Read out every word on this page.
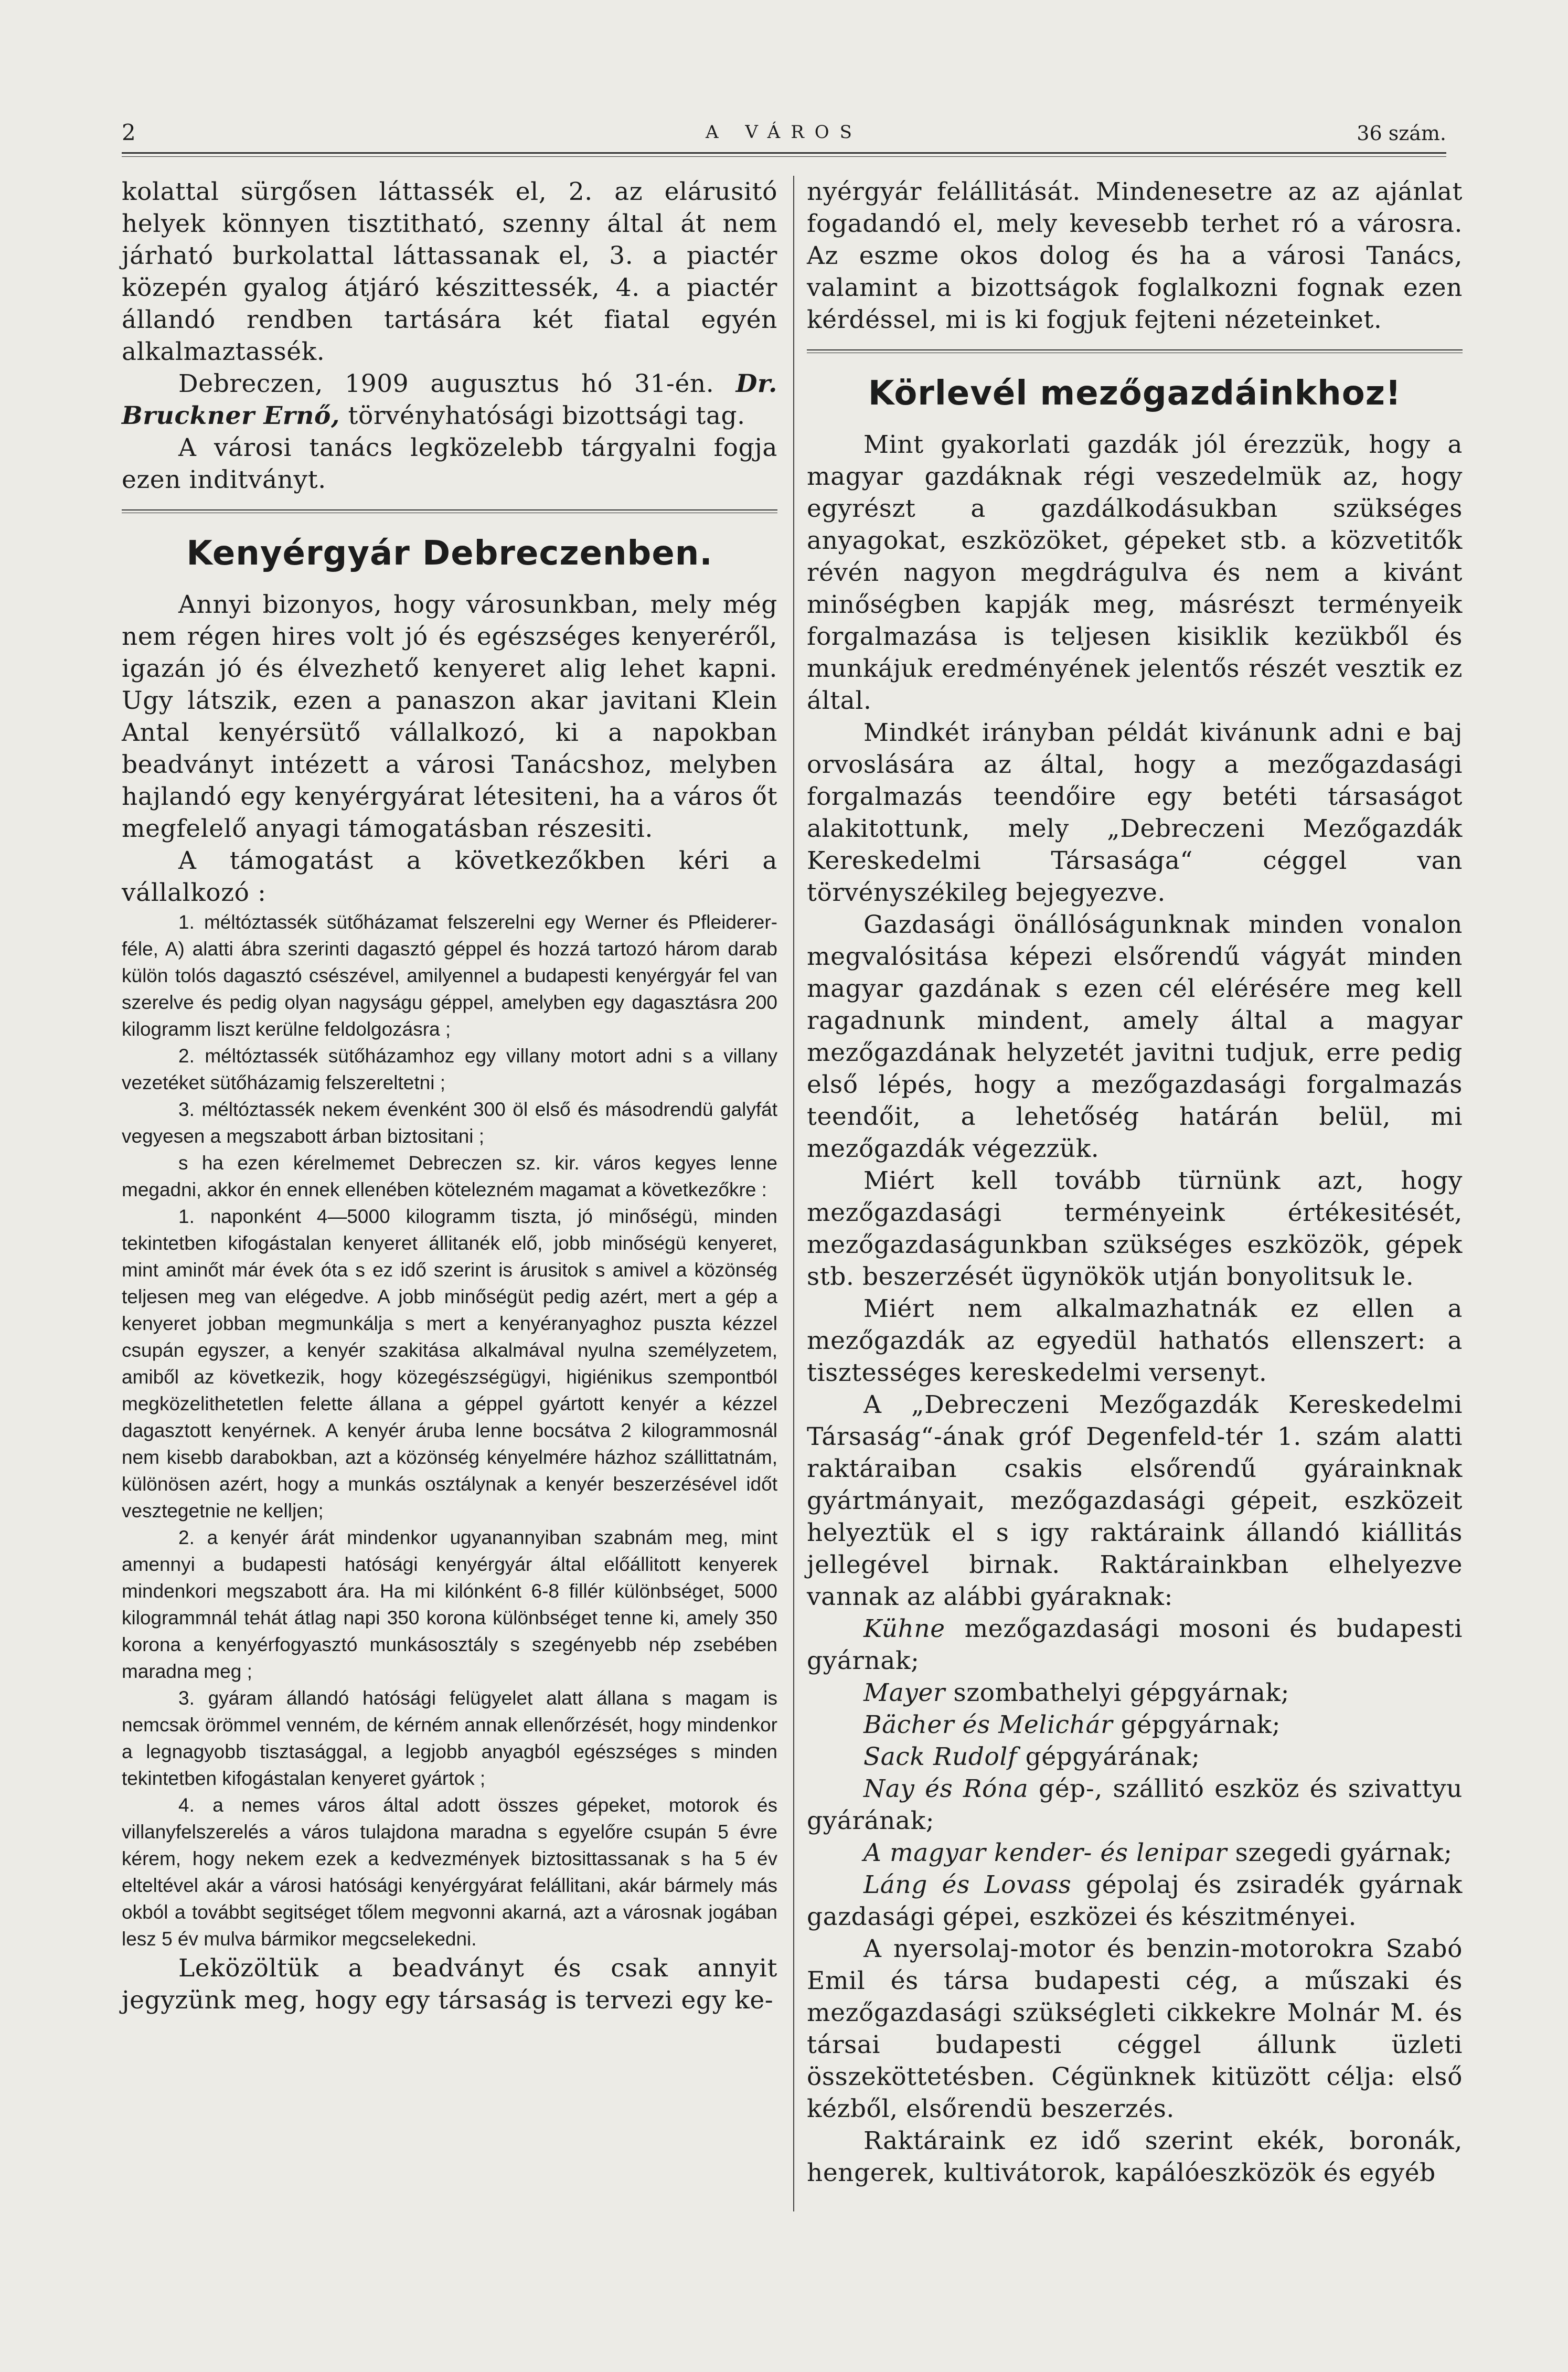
2	A VÁROS	36 szám.

kolattal sürgősen láttassék el, 2. az elárusitó helyek könnyen tisztitható, szenny által át nem járható burkolattal láttassanak el, 3. a piactér közepén gyalog átjáró készittessék, 4. a piactér állandó rendben tartására két fiatal egyén alkalmaztassék.

Debreczen, 1909 augusztus hó 31-én. Dr. Bruckner Ernő, törvényhatósági bizottsági tag.

A városi tanács legközelebb tárgyalni fogja ezen inditványt.

Kenyérgyár Debreczenben.

Annyi bizonyos, hogy városunkban, mely még nem régen hires volt jó és egészséges kenyeréről, igazán jó és élvezhető kenyeret alig lehet kapni. Ugy látszik, ezen a panaszon akar javitani Klein Antal kenyérsütő vállalkozó, ki a napokban beadványt intézett a városi Tanácshoz, melyben hajlandó egy kenyérgyárat létesiteni, ha a város őt megfelelő anyagi támogatásban részesiti.

A támogatást a következőkben kéri a vállalkozó :

1. méltóztassék sütőházamat felszerelni egy Werner és Pfleiderer-féle, A) alatti ábra szerinti dagasztó géppel és hozzá tartozó három darab külön tolós dagasztó csészével, amilyennel a budapesti kenyérgyár fel van szerelve és pedig olyan nagyságu géppel, amelyben egy dagasztásra 200 kilogramm liszt kerülne feldolgozásra ;

2. méltóztassék sütőházamhoz egy villany motort adni s a villany vezetéket sütőházamig felszereltetni ;

3. méltóztassék nekem évenként 300 öl első és másodrendü galyfát vegyesen a megszabott árban biztositani ;

s ha ezen kérelmemet Debreczen sz. kir. város kegyes lenne megadni, akkor én ennek ellenében kötelezném magamat a következőkre :

1. naponként 4—5000 kilogramm tiszta, jó minőségü, minden tekintetben kifogástalan kenyeret állitanék elő, jobb minőségü kenyeret, mint aminőt már évek óta s ez idő szerint is árusitok s amivel a közönség teljesen meg van elégedve. A jobb minőségüt pedig azért, mert a gép a kenyeret jobban megmunkálja s mert a kenyéranyaghoz puszta kézzel csupán egyszer, a kenyér szakitása alkalmával nyulna személyzetem, amiből az következik, hogy közegészségügyi, higiénikus szempontból megközelithetetlen felette állana a géppel gyártott kenyér a kézzel dagasztott kenyérnek. A kenyér áruba lenne bocsátva 2 kilogrammosnál nem kisebb darabokban, azt a közönség kényelmére házhoz szállittatnám, különösen azért, hogy a munkás osztálynak a kenyér beszerzésével időt vesztegetnie ne kelljen;

2. a kenyér árát mindenkor ugyanannyiban szabnám meg, mint amennyi a budapesti hatósági kenyérgyár által előállitott kenyerek mindenkori megszabott ára. Ha mi kilónként 6-8 fillér különbséget, 5000 kilogrammnál tehát átlag napi 350 korona különbséget tenne ki, amely 350 korona a kenyérfogyasztó munkásosztály s szegényebb nép zsebében maradna meg ;

3. gyáram állandó hatósági felügyelet alatt állana s magam is nemcsak örömmel venném, de kérném annak ellenőrzését, hogy mindenkor a legnagyobb tisztasággal, a legjobb anyagból egészséges s minden tekintetben kifogástalan kenyeret gyártok ;

4. a nemes város által adott összes gépeket, motorok és villanyfelszerelés a város tulajdona maradna s egyelőre csupán 5 évre kérem, hogy nekem ezek a kedvezmények biztosittassanak s ha 5 év elteltével akár a városi hatósági kenyérgyárat felállitani, akár bármely más okból a továbbt segitséget tőlem megvonni akarná, azt a városnak jogában lesz 5 év mulva bármikor megcselekedni.

Leközöltük a beadványt és csak annyit jegyzünk meg, hogy egy társaság is tervezi egy ke-

nyérgyár felállitását. Mindenesetre az az ajánlat fogadandó el, mely kevesebb terhet ró a városra. Az eszme okos dolog és ha a városi Tanács, valamint a bizottságok foglalkozni fognak ezen kérdéssel, mi is ki fogjuk fejteni nézeteinket.

Körlevél mezőgazdáinkhoz!

Mint gyakorlati gazdák jól érezzük, hogy a magyar gazdáknak régi veszedelmük az, hogy egyrészt a gazdálkodásukban szükséges anyagokat, eszközöket, gépeket stb. a közvetitők révén nagyon megdrágulva és nem a kivánt minőségben kapják meg, másrészt terményeik forgalmazása is teljesen kisiklik kezükből és munkájuk eredményének jelentős részét vesztik ez által.

Mindkét irányban példát kivánunk adni e baj orvoslására az által, hogy a mezőgazdasági forgalmazás teendőire egy betéti társaságot alakitottunk, mely „Debreczeni Mezőgazdák Kereskedelmi Társasága“ céggel van törvényszékileg bejegyezve.

Gazdasági önállóságunknak minden vonalon megvalósitása képezi elsőrendű vágyát minden magyar gazdának s ezen cél elérésére meg kell ragadnunk mindent, amely által a magyar mezőgazdának helyzetét javitni tudjuk, erre pedig első lépés, hogy a mezőgazdasági forgalmazás teendőit, a lehetőség határán belül, mi mezőgazdák végezzük.

Miért kell tovább türnünk azt, hogy mezőgazdasági terményeink értékesitését, mezőgazdaságunkban szükséges eszközök, gépek stb. beszerzését ügynökök utján bonyolitsuk le.

Miért nem alkalmazhatnák ez ellen a mezőgazdák az egyedül hathatós ellenszert: a tisztességes kereskedelmi versenyt.

A „Debreczeni Mezőgazdák Kereskedelmi Társaság“-ának gróf Degenfeld-tér 1. szám alatti raktáraiban csakis elsőrendű gyárainknak gyártmányait, mezőgazdasági gépeit, eszközeit helyeztük el s igy raktáraink állandó kiállitás jellegével birnak. Raktárainkban elhelyezve vannak az alábbi gyáraknak:

Kühne mezőgazdasági mosoni és budapesti gyárnak;

Mayer szombathelyi gépgyárnak;

Bächer és Melichár gépgyárnak;

Sack Rudolf gépgyárának;

Nay és Róna gép-, szállitó eszköz és szivattyu gyárának;

A magyar kender- és lenipar szegedi gyárnak;

Láng és Lovass gépolaj és zsiradék gyárnak gazdasági gépei, eszközei és készitményei.

A nyersolaj-motor és benzin-motorokra Szabó Emil és társa budapesti cég, a műszaki és mezőgazdasági szükségleti cikkekre Molnár M. és társai budapesti céggel állunk üzleti összeköttetésben. Cégünknek kitüzött célja: első kézből, elsőrendü beszerzés.

Raktáraink ez idő szerint ekék, boronák, hengerek, kultivátorok, kapálóeszközök és egyéb
